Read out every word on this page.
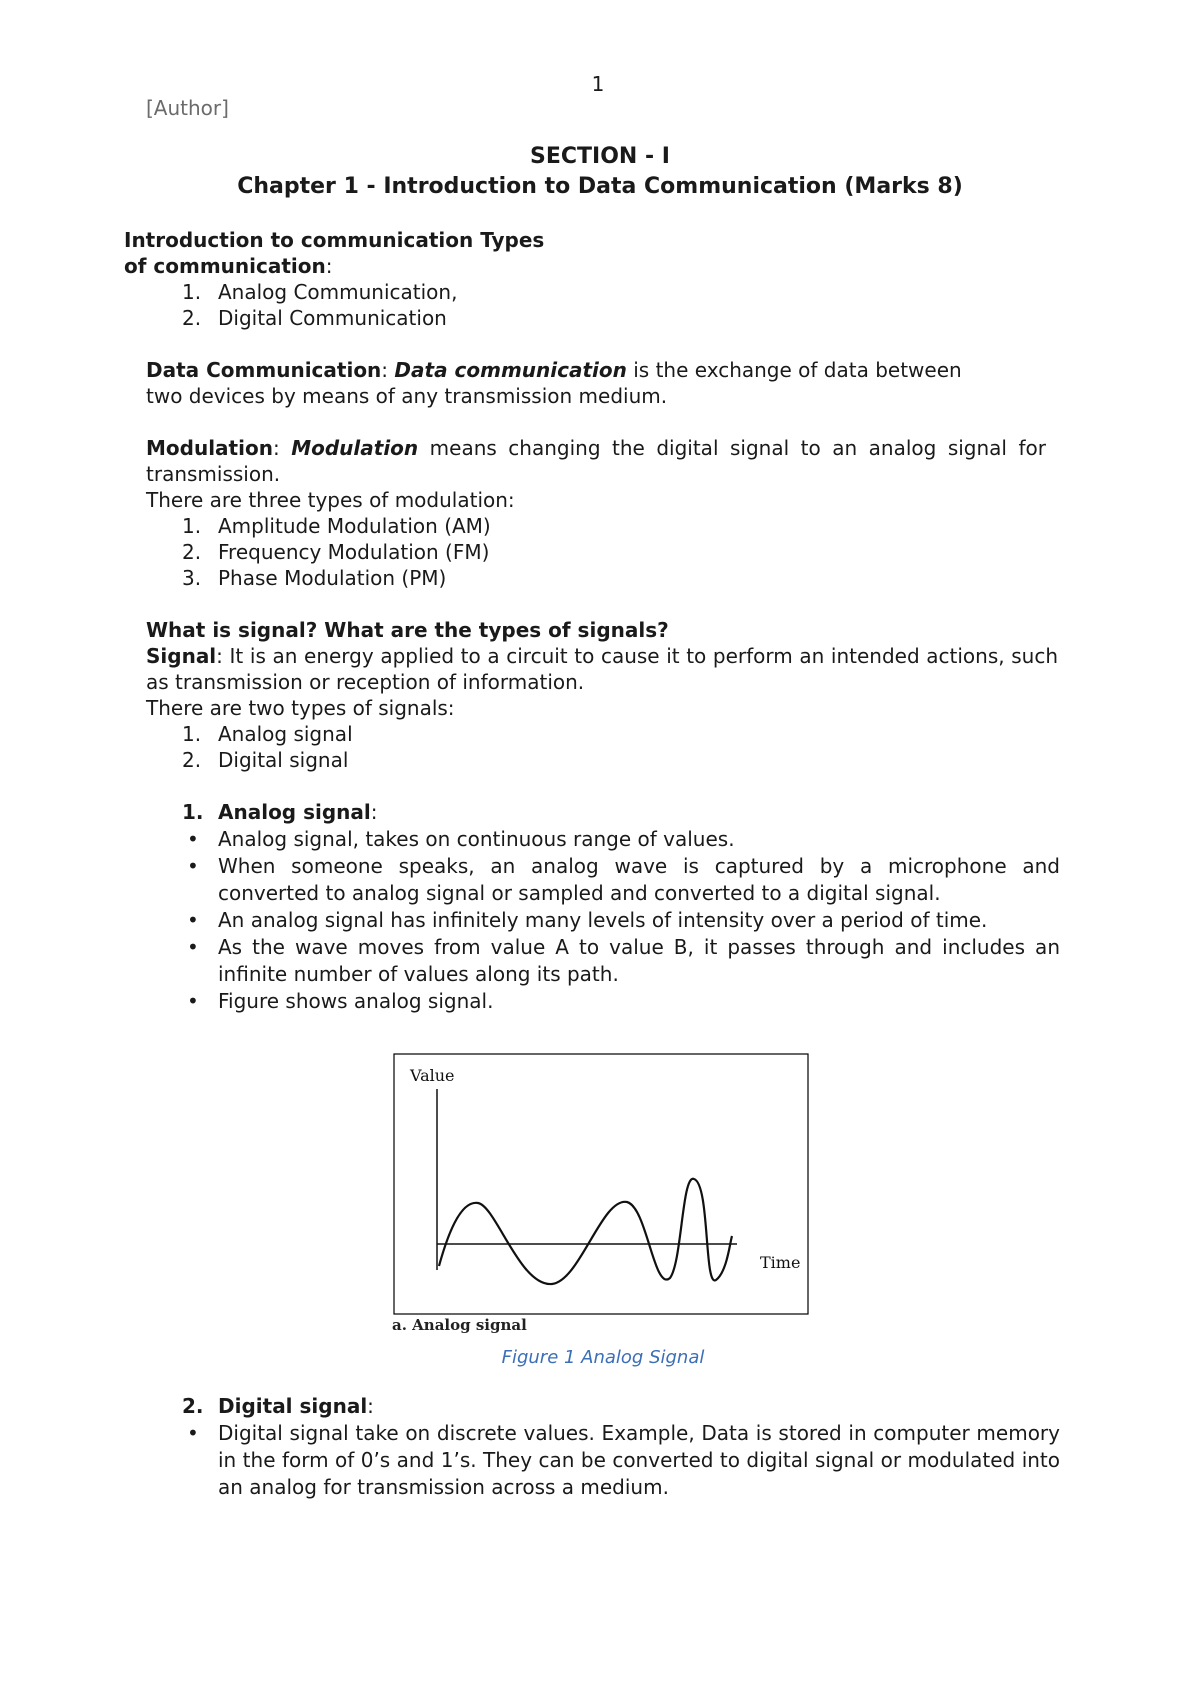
1
[Author]
SECTION - I
Chapter 1 - Introduction to Data Communication (Marks 8)
Introduction to communication Types
of communication:
1. Analog Communication,
2. Digital Communication
Data Communication: Data communication is the exchange of data between
two devices by means of any transmission medium.
Modulation: Modulation means changing the digital signal to an analog signal for transmission.
There are three types of modulation:
1. Amplitude Modulation (AM)
2. Frequency Modulation (FM)
3. Phase Modulation (PM)
What is signal? What are the types of signals?
Signal: It is an energy applied to a circuit to cause it to perform an intended actions, such as transmission or reception of information.
There are two types of signals:
1. Analog signal
2. Digital signal
1. Analog signal:
• Analog signal, takes on continuous range of values.
• When someone speaks, an analog wave is captured by a microphone and converted to analog signal or sampled and converted to a digital signal.
• An analog signal has infinitely many levels of intensity over a period of time.
• As the wave moves from value A to value B, it passes through and includes an infinite number of values along its path.
• Figure shows analog signal.
Value
Time
a. Analog signal
Figure 1 Analog Signal
2. Digital signal:
• Digital signal take on discrete values. Example, Data is stored in computer memory in the form of 0’s and 1’s. They can be converted to digital signal or modulated into an analog for transmission across a medium.
